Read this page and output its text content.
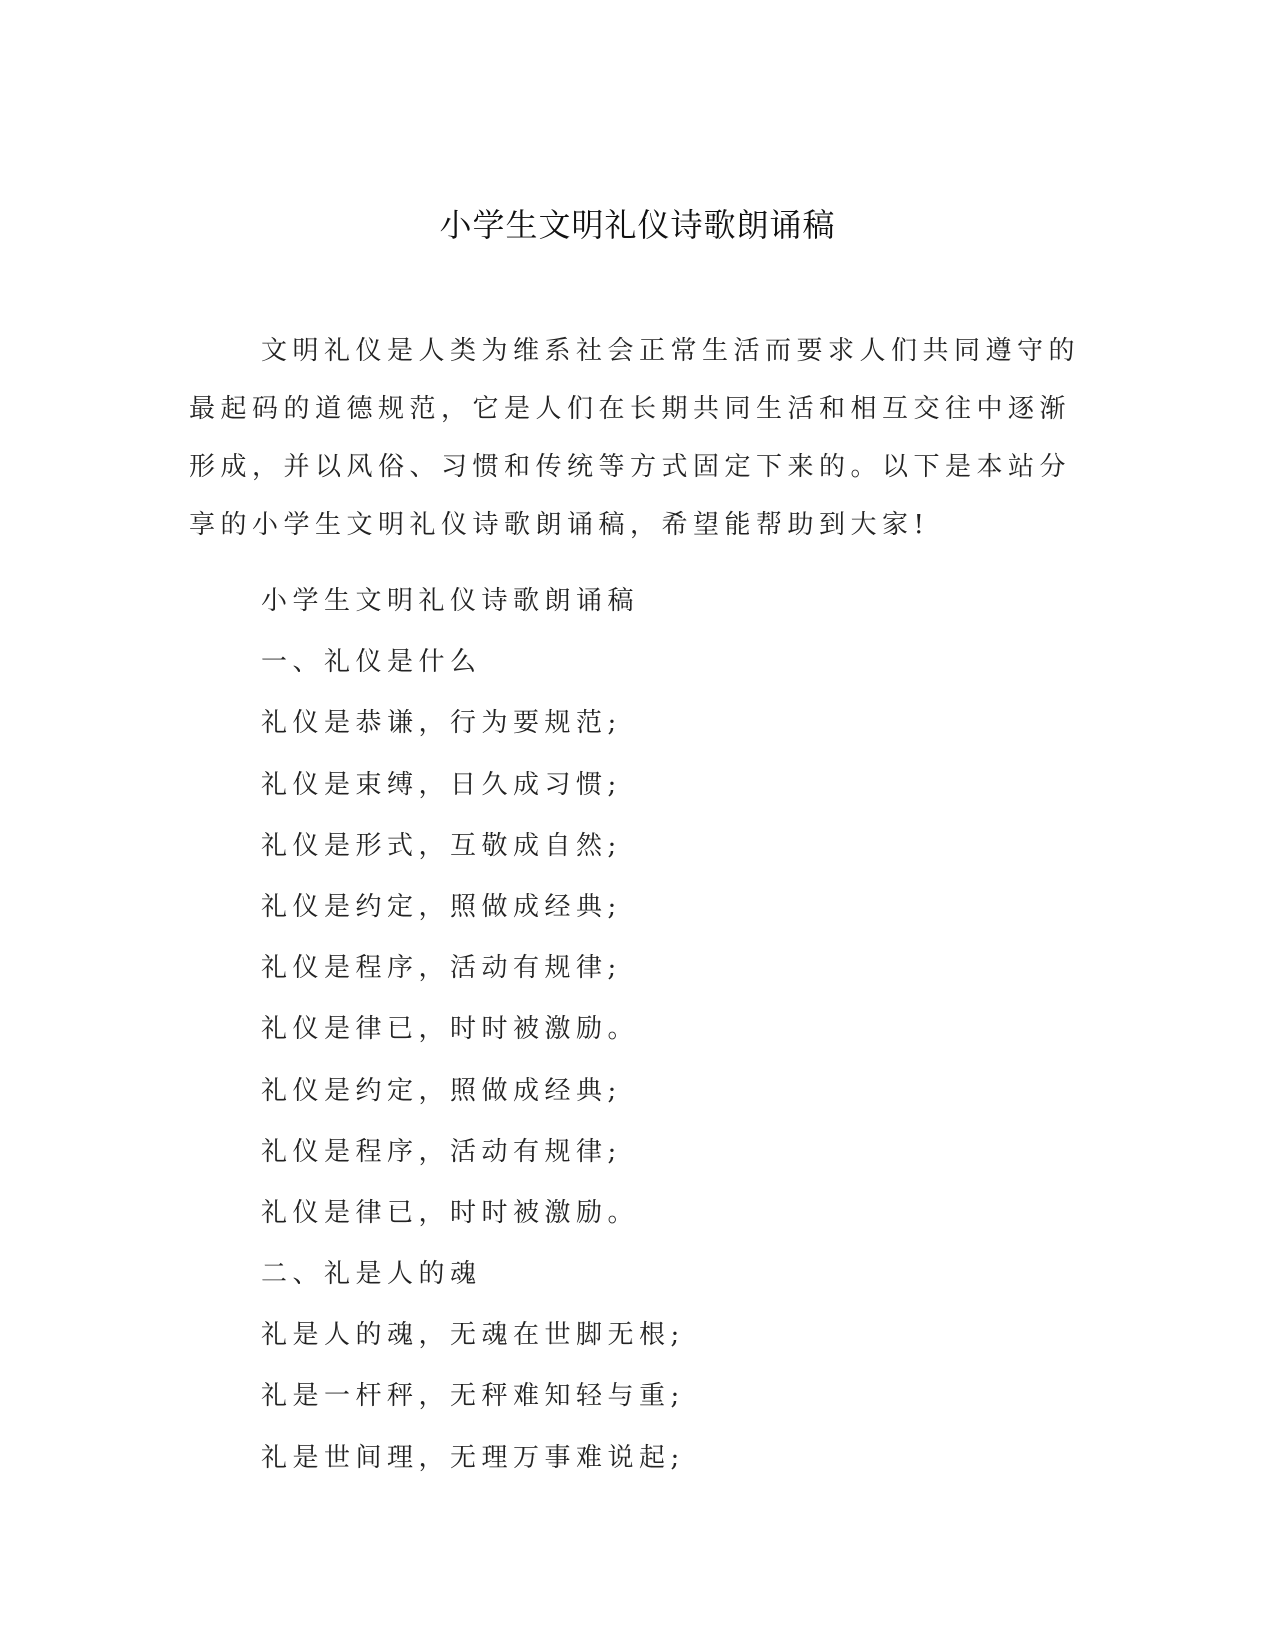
小学生文明礼仪诗歌朗诵稿

文明礼仪是人类为维系社会正常生活而要求人们共同遵守的最起码的道德规范，它是人们在长期共同生活和相互交往中逐渐形成，并以风俗、习惯和传统等方式固定下来的。以下是本站分享的小学生文明礼仪诗歌朗诵稿，希望能帮助到大家!

小学生文明礼仪诗歌朗诵稿
一、礼仪是什么
礼仪是恭谦，行为要规范;
礼仪是束缚，日久成习惯;
礼仪是形式，互敬成自然;
礼仪是约定，照做成经典;
礼仪是程序，活动有规律;
礼仪是律已，时时被激励。
礼仪是约定，照做成经典;
礼仪是程序，活动有规律;
礼仪是律已，时时被激励。
二、礼是人的魂
礼是人的魂，无魂在世脚无根;
礼是一杆秤，无秤难知轻与重;
礼是世间理，无理万事难说起;
